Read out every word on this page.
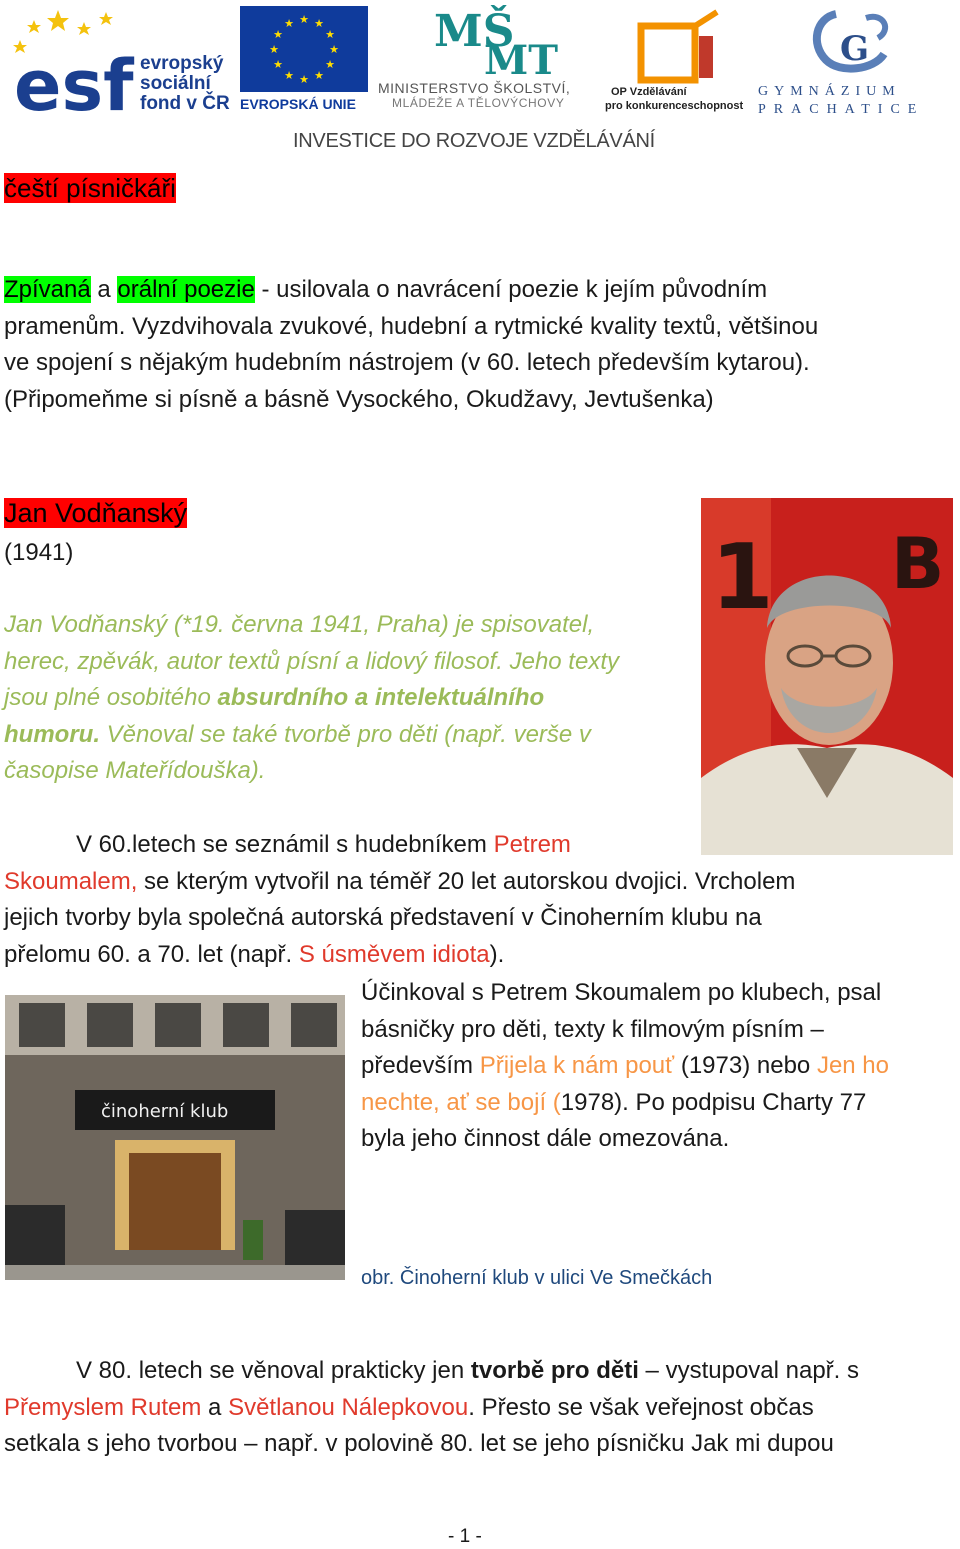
esf evropský
sociální
fond v ČR
★ ★
★
★
★
★
★
★
★
★
★
★
EVROPSKÁ UNIE
MŠ
MT
MINISTERSTVO ŠKOLSTVÍ,
MLÁDEŽE A TĚLOVÝCHOVY
OP Vzdělávání
pro konkurenceschopnost
G
GYMNÁZIUM
PRACHATICE
INVESTICE DO ROZVOJE VZDĚLÁVÁNÍ
čeští písničkáři
Zpívaná a orální poezie - usilovala o navrácení poezie k jejím původním
pramenům. Vyzdvihovala zvukové, hudební a rytmické kvality textů, většinou
ve spojení s nějakým hudebním nástrojem (v 60. letech především kytarou).
(Připomeňme si písně a básně Vysockého, Okudžavy, Jevtušenka)
Jan Vodňanský
(1941)
Jan Vodňanský (*19. června 1941, Praha) je spisovatel,
herec, zpěvák, autor textů písní a lidový filosof. Jeho texty
jsou plné osobitého absurdního a intelektuálního
humoru. Věnoval se také tvorbě pro děti (např. verše v
časopise Mateřídouška).
1 B
V 60.letech se seznámil s hudebníkem Petrem
Skoumalem, se kterým vytvořil na téměř 20 let autorskou dvojici. Vrcholem
jejich tvorby byla společná autorská představení v Činoherním klubu na
přelomu 60. a 70. let (např. S úsměvem idiota).
činoherní klub
Účinkoval s Petrem Skoumalem po klubech, psal
básničky pro děti, texty k filmovým písním –
především Přijela k nám pouť (1973) nebo Jen ho
nechte, ať se bojí (1978). Po podpisu Charty 77
byla jeho činnost dále omezována.
obr. Činoherní klub v ulici Ve Smečkách
V 80. letech se věnoval prakticky jen tvorbě pro děti – vystupoval např. s
Přemyslem Rutem a Světlanou Nálepkovou. Přesto se však veřejnost občas
setkala s jeho tvorbou – např. v polovině 80. let se jeho písničku Jak mi dupou
- 1 -
